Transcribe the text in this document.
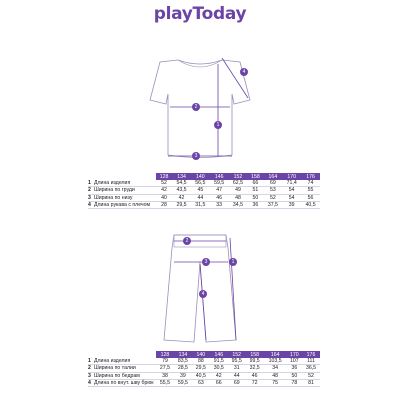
playToday
1
2
3
4
1
2
3
4
		128	134	140	146	152	158	164	170	176
1	Длина изделия	52	54,5	56,5	59,5	62,5	66	69	71,4	74
2	Ширина по груди	42	43,5	45	47	49	51	53	54	55
3	Ширина по низу	40	42	44	46	48	50	52	54	56
4	Длина рукава с плечом	28	29,5	31,5	33	34,5	36	37,5	39	40,5
		128	134	140	146	152	158	164	170	176
1	Длина изделия	79	83,5	88	91,5	95,5	99,5	103,5	107	111
2	Ширина по талии	27,5	28,5	29,5	30,5	31	32,5	34	36	36,5
3	Ширина по бедрам	38	39	40,5	42	44	46	48	50	52
4	Длина по внут. шву брюк	55,5	59,5	63	66	69	72	75	78	81
